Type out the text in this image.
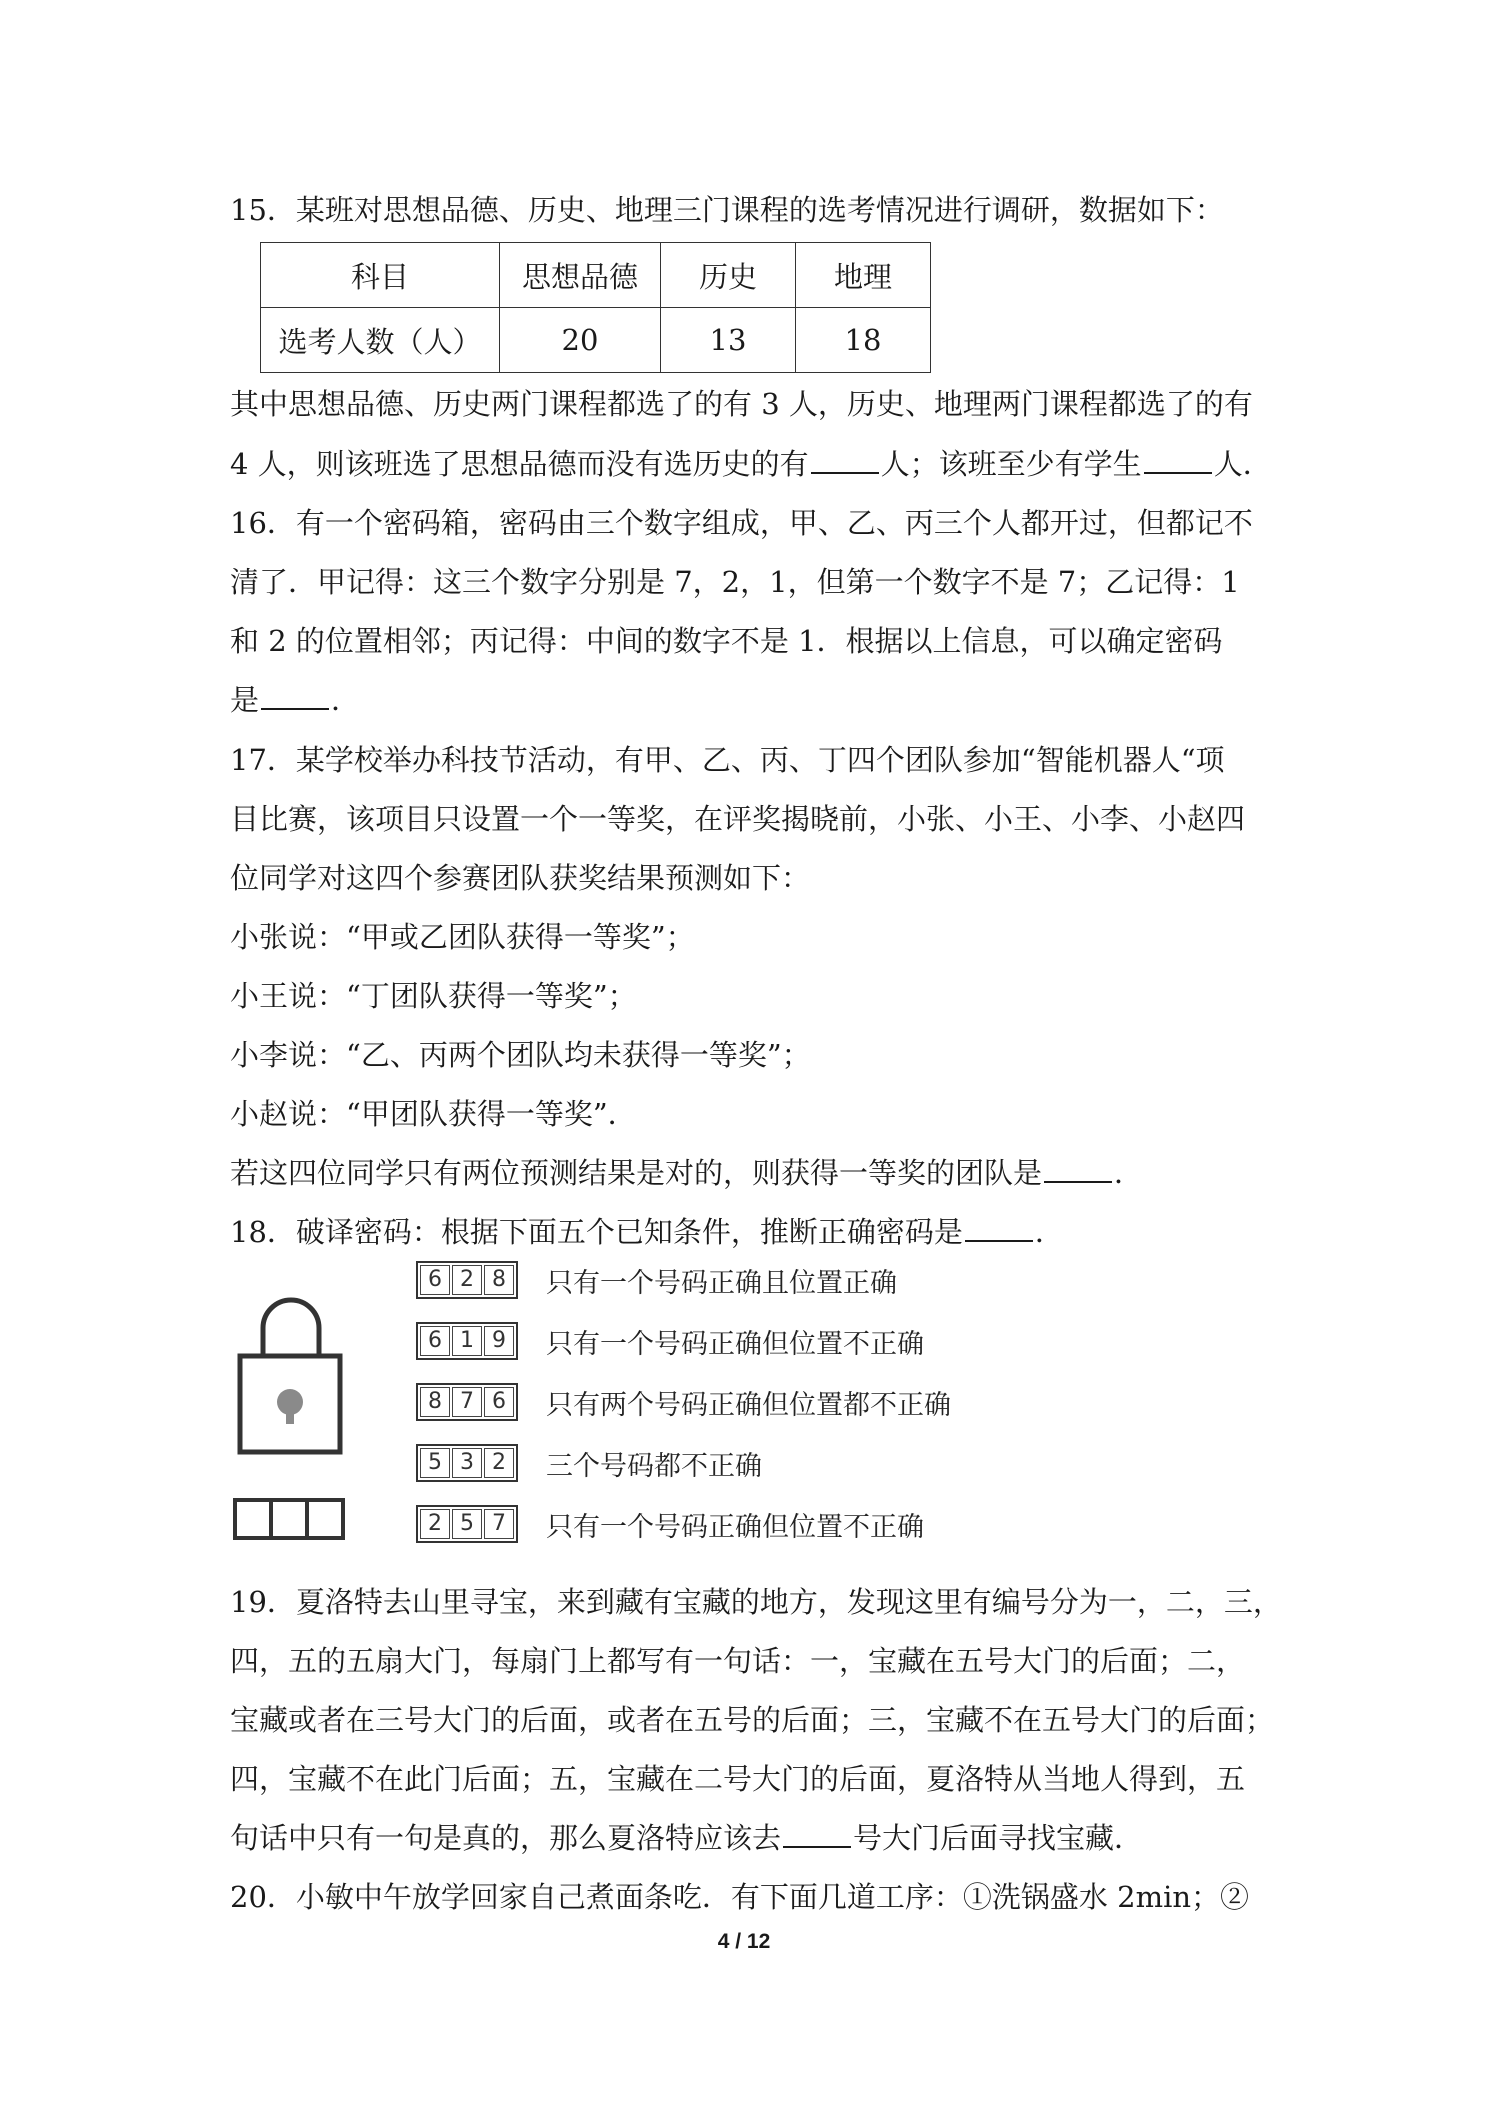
15．某班对思想品德、历史、地理三门课程的选考情况进行调研，数据如下：
科目	思想品德	历史	地理
选考人数（人）	20	13	18
其中思想品德、历史两门课程都选了的有 3 人，历史、地理两门课程都选了的有
4 人，则该班选了思想品德而没有选历史的有 人；该班至少有学生 人．
16．有一个密码箱，密码由三个数字组成，甲、乙、丙三个人都开过，但都记不
清了．甲记得：这三个数字分别是 7，2，1，但第一个数字不是 7；乙记得：1
和 2 的位置相邻；丙记得：中间的数字不是 1．根据以上信息，可以确定密码
是 ．
17．某学校举办科技节活动，有甲、乙、丙、丁四个团队参加“智能机器人“项
目比赛，该项目只设置一个一等奖，在评奖揭晓前，小张、小王、小李、小赵四
位同学对这四个参赛团队获奖结果预测如下：
小张说：“甲或乙团队获得一等奖”；
小王说：“丁团队获得一等奖”；
小李说：“乙、丙两个团队均未获得一等奖”；
小赵说：“甲团队获得一等奖”．
若这四位同学只有两位预测结果是对的，则获得一等奖的团队是 ．
18．破译密码：根据下面五个已知条件，推断正确密码是 ．
6 2 8 只有一个号码正确且位置正确
6 1 9 只有一个号码正确但位置不正确
8 7 6 只有两个号码正确但位置都不正确
5 3 2 三个号码都不正确
2 5 7 只有一个号码正确但位置不正确
19．夏洛特去山里寻宝，来到藏有宝藏的地方，发现这里有编号分为一，二，三，
四，五的五扇大门，每扇门上都写有一句话：一，宝藏在五号大门的后面；二，
宝藏或者在三号大门的后面，或者在五号的后面；三，宝藏不在五号大门的后面；
四，宝藏不在此门后面；五，宝藏在二号大门的后面，夏洛特从当地人得到，五
句话中只有一句是真的，那么夏洛特应该去 号大门后面寻找宝藏．
20．小敏中午放学回家自己煮面条吃．有下面几道工序：①洗锅盛水 2min；②
4 / 12
